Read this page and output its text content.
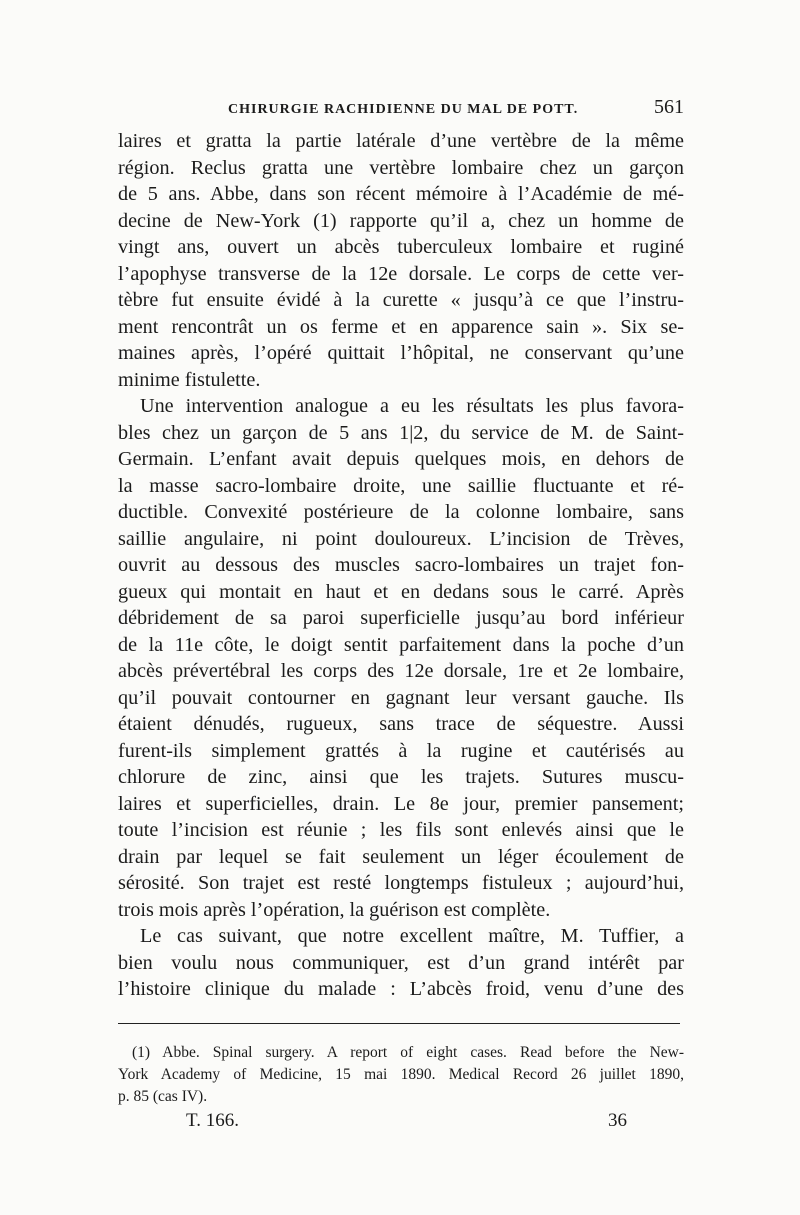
CHIRURGIE RACHIDIENNE DU MAL DE POTT.	561
laires et gratta la partie latérale d’une vertèbre de la même
région. Reclus gratta une vertèbre lombaire chez un garçon
de 5 ans. Abbe, dans son récent mémoire à l’Académie de mé-
decine de New-York (1) rapporte qu’il a, chez un homme de
vingt ans, ouvert un abcès tuberculeux lombaire et ruginé
l’apophyse transverse de la 12e dorsale. Le corps de cette ver-
tèbre fut ensuite évidé à la curette « jusqu’à ce que l’instru-
ment rencontrât un os ferme et en apparence sain ». Six se-
maines après, l’opéré quittait l’hôpital, ne conservant qu’une
minime fistulette.
Une intervention analogue a eu les résultats les plus favora-
bles chez un garçon de 5 ans 1|2, du service de M. de Saint-
Germain. L’enfant avait depuis quelques mois, en dehors de
la masse sacro-lombaire droite, une saillie fluctuante et ré-
ductible. Convexité postérieure de la colonne lombaire, sans
saillie angulaire, ni point douloureux. L’incision de Trèves,
ouvrit au dessous des muscles sacro-lombaires un trajet fon-
gueux qui montait en haut et en dedans sous le carré. Après
débridement de sa paroi superficielle jusqu’au bord inférieur
de la 11e côte, le doigt sentit parfaitement dans la poche d’un
abcès prévertébral les corps des 12e dorsale, 1re et 2e lombaire,
qu’il pouvait contourner en gagnant leur versant gauche. Ils
étaient dénudés, rugueux, sans trace de séquestre. Aussi
furent-ils simplement grattés à la rugine et cautérisés au
chlorure de zinc, ainsi que les trajets. Sutures muscu-
laires et superficielles, drain. Le 8e jour, premier pansement;
toute l’incision est réunie ; les fils sont enlevés ainsi que le
drain par lequel se fait seulement un léger écoulement de
sérosité. Son trajet est resté longtemps fistuleux ; aujourd’hui,
trois mois après l’opération, la guérison est complète.
Le cas suivant, que notre excellent maître, M. Tuffier, a
bien voulu nous communiquer, est d’un grand intérêt par
l’histoire clinique du malade : L’abcès froid, venu d’une des
(1) Abbe. Spinal surgery. A report of eight cases. Read before the New-
York Academy of Medicine, 15 mai 1890. Medical Record 26 juillet 1890,
p. 85 (cas IV).
T. 166.	36
